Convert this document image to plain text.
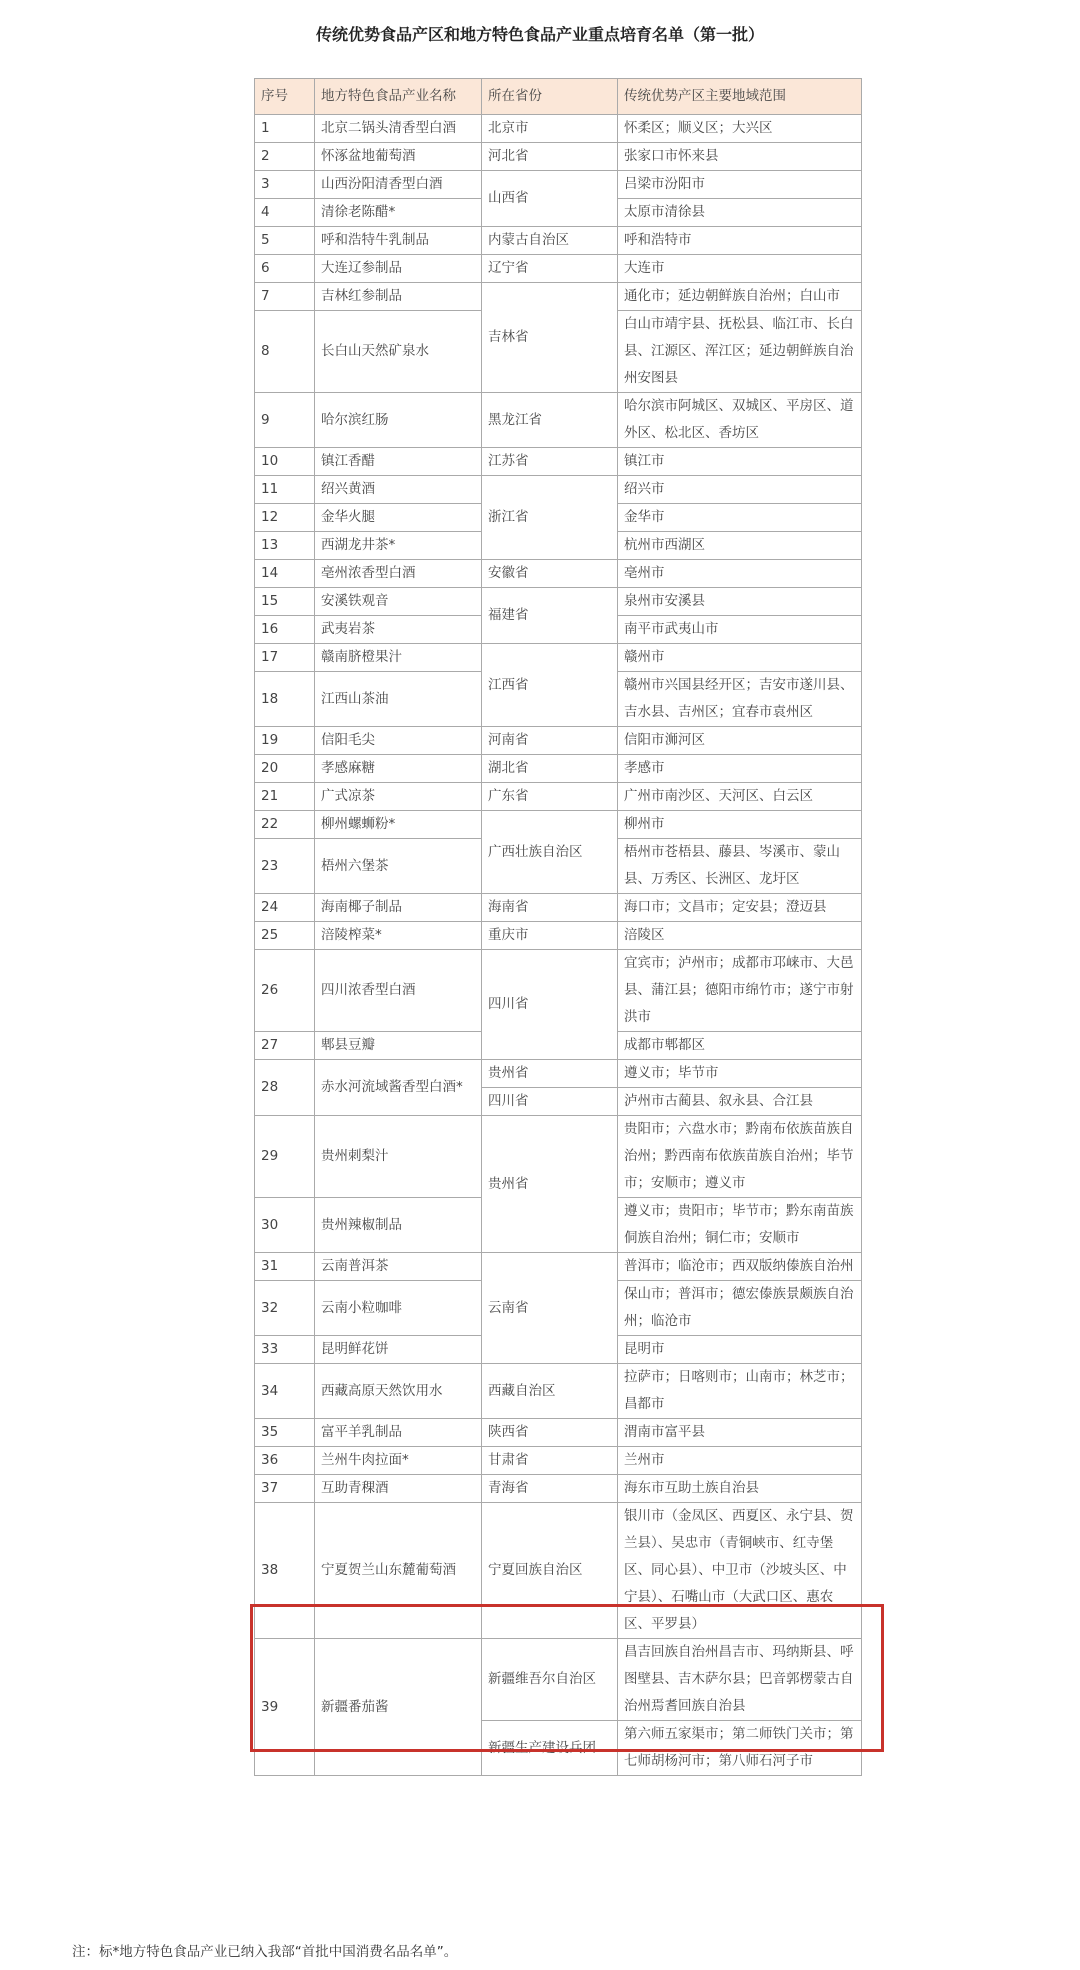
传统优势食品产区和地方特色食品产业重点培育名单（第一批）
序号	地方特色食品产业名称	所在省份	传统优势产区主要地域范围
1	北京二锅头清香型白酒	北京市	怀柔区；顺义区；大兴区
2	怀涿盆地葡萄酒	河北省	张家口市怀来县
3	山西汾阳清香型白酒	山西省	吕梁市汾阳市
4	清徐老陈醋*		太原市清徐县
5	呼和浩特牛乳制品	内蒙古自治区	呼和浩特市
6	大连辽参制品	辽宁省	大连市
7	吉林红参制品	吉林省	通化市；延边朝鲜族自治州；白山市
8	长白山天然矿泉水		白山市靖宇县、抚松县、临江市、长白县、江源区、浑江区；延边朝鲜族自治州安图县
9	哈尔滨红肠	黑龙江省	哈尔滨市阿城区、双城区、平房区、道外区、松北区、香坊区
10	镇江香醋	江苏省	镇江市
11	绍兴黄酒	浙江省	绍兴市
12	金华火腿		金华市
13	西湖龙井茶*		杭州市西湖区
14	亳州浓香型白酒	安徽省	亳州市
15	安溪铁观音	福建省	泉州市安溪县
16	武夷岩茶		南平市武夷山市
17	赣南脐橙果汁	江西省	赣州市
18	江西山茶油		赣州市兴国县经开区；吉安市遂川县、吉水县、吉州区；宜春市袁州区
19	信阳毛尖	河南省	信阳市浉河区
20	孝感麻糖	湖北省	孝感市
21	广式凉茶	广东省	广州市南沙区、天河区、白云区
22	柳州螺蛳粉*	广西壮族自治区	柳州市
23	梧州六堡茶		梧州市苍梧县、藤县、岑溪市、蒙山县、万秀区、长洲区、龙圩区
24	海南椰子制品	海南省	海口市；文昌市；定安县；澄迈县
25	涪陵榨菜*	重庆市	涪陵区
26	四川浓香型白酒	四川省	宜宾市；泸州市；成都市邛崃市、大邑县、蒲江县；德阳市绵竹市；遂宁市射洪市
27	郫县豆瓣		成都市郫都区
28	赤水河流域酱香型白酒*	贵州省	遵义市；毕节市
		四川省	泸州市古蔺县、叙永县、合江县
29	贵州刺梨汁	贵州省	贵阳市；六盘水市；黔南布依族苗族自治州；黔西南布依族苗族自治州；毕节市；安顺市；遵义市
30	贵州辣椒制品		遵义市；贵阳市；毕节市；黔东南苗族侗族自治州；铜仁市；安顺市
31	云南普洱茶	云南省	普洱市；临沧市；西双版纳傣族自治州
32	云南小粒咖啡		保山市；普洱市；德宏傣族景颇族自治州；临沧市
33	昆明鲜花饼		昆明市
34	西藏高原天然饮用水	西藏自治区	拉萨市；日喀则市；山南市；林芝市；昌都市
35	富平羊乳制品	陕西省	渭南市富平县
36	兰州牛肉拉面*	甘肃省	兰州市
37	互助青稞酒	青海省	海东市互助土族自治县
38	宁夏贺兰山东麓葡萄酒	宁夏回族自治区	银川市（金凤区、西夏区、永宁县、贺兰县）、吴忠市（青铜峡市、红寺堡区、同心县）、中卫市（沙坡头区、中宁县）、石嘴山市（大武口区、惠农区、平罗县）
39	新疆番茄酱	新疆维吾尔自治区	昌吉回族自治州昌吉市、玛纳斯县、呼图壁县、吉木萨尔县；巴音郭楞蒙古自治州焉耆回族自治县
		新疆生产建设兵团	第六师五家渠市；第二师铁门关市；第七师胡杨河市；第八师石河子市
注：标*地方特色食品产业已纳入我部“首批中国消费名品名单”。
